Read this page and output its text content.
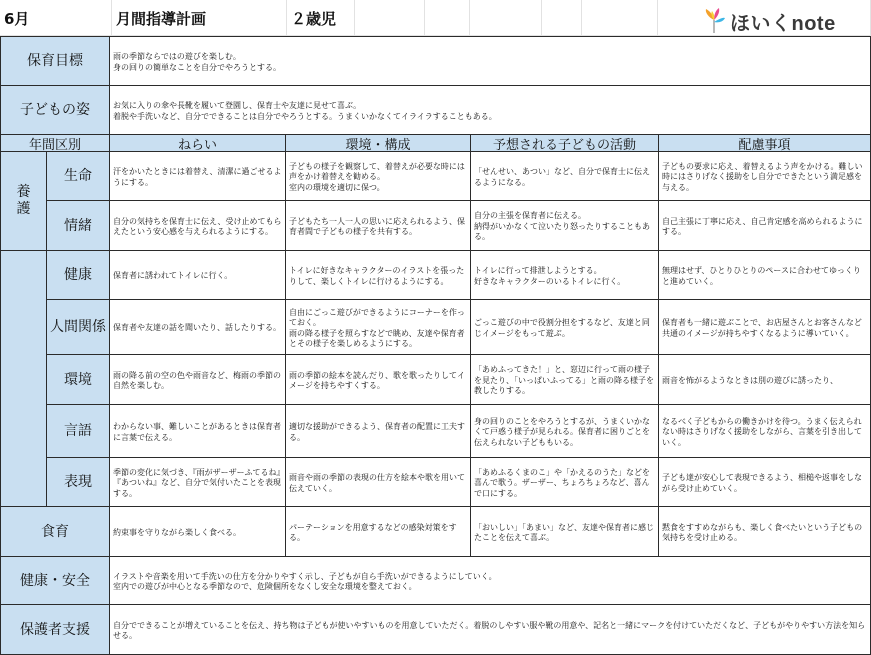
6月	月間指導計画	２歳児	ほいくnote
保育目標	雨の季節ならではの遊びを楽しむ。
身の回りの簡単なことを自分でやろうとする。
子どもの姿	お気に入りの傘や長靴を履いて登園し、保育士や友達に見せて喜ぶ。
着脱や手洗いなど、自分でできることは自分でやろうとする。うまくいかなくてイライラすることもある。
年間区別	ねらい	環境・構成	予想される子どもの活動	配慮事項
養護
生命	汗をかいたときには着替え、清潔に過ごせるようにする。
子どもの様子を観察して、着替えが必要な時には声をかけ着替えを勧める。
室内の環境を適切に保つ。
「せんせい、あつい」など、自分で保育士に伝えるようになる。
子どもの要求に応え、着替えるよう声をかける。難しい時にはさりげなく援助をし自分でできたという満足感を与える。
情緒	自分の気持ちを保育士に伝え、受け止めてもらえたという安心感を与えられるようにする。
子どもたち一人一人の思いに応えられるよう、保育者間で子どもの様子を共有する。
自分の主張を保育者に伝える。
納得がいかなくて泣いたり怒ったりすることもある。
自己主張に丁寧に応え、自己肯定感を高められるようにする。
健康	保育者に誘われてトイレに行く。
トイレに好きなキャラクターのイラストを張ったりして、楽しくトイレに行けるようにする。
トイレに行って排泄しようとする。
好きなキャラクターのいるトイレに行く。
無理はせず、ひとりひとりのペースに合わせてゆっくりと進めていく。
人間関係 保育者や友達の話を聞いたり、話したりする。
自由にごっこ遊びができるようにコーナーを作っておく。
雨の降る様子を照らすなどで眺め、友達や保育者とその様子を楽しめるようにする。
ごっこ遊びの中で役割分担をするなど、友達と同じイメージをもって遊ぶ。
保育者も一緒に遊ぶことで、お店屋さんとお客さんなど共通のイメージが持ちやすくなるように導いていく。
環境	雨の降る前の空の色や雨音など、梅雨の季節の自然を楽しむ。
雨の季節の絵本を読んだり、歌を歌ったりしてイメージを持ちやすくする。
「あめふってきた！」と、窓辺に行って雨の様子を見たり、「いっぱいふってる」と雨の降る様子を教したりする。
雨音を怖がるようなときは別の遊びに誘ったり、
言語	わからない事、難しいことがあるときは保育者に言葉で伝える。
適切な援助ができるよう、保育者の配置に工夫する。
身の回りのことをやろうとするが、うまくいかなくて戸惑う様子が見られる。保育者に困りごとを伝えられない子どももいる。
なるべく子どもからの働きかけを待つ。うまく伝えられない時はさりげなく援助をしながら、言葉を引き出していく。
表現
季節の変化に気づき、『雨がザーザーふてるね』『あついね』など、自分で気付いたことを表現する。
雨音や雨の季節の表現の仕方を絵本や歌を用いて伝えていく。
「あめふるくまのこ」や「かえるのうた」などを喜んで歌う。ザーザー、ちょろちょろなど、喜んで口にする。
子ども達が安心して表現できるよう、相槌や返事をしながら受け止めていく。
食育	約束事を守りながら楽しく食べる。
パーテーションを用意するなどの感染対策をする。
「おいしい」「あまい」など、友達や保育者に感じたことを伝えて喜ぶ。
黙食をすすめながらも、楽しく食べたいという子どもの気持ちを受け止める。
健康・安全	イラストや音楽を用いて手洗いの仕方を分かりやすく示し、子どもが自ら手洗いができるようにしていく。
室内での遊びが中心となる季節なので、危険個所をなくし安全な環境を整えておく。
保護者支援	自分でできることが増えていることを伝え、持ち物は子どもが使いやすいものを用意していただく。着脱のしやすい服や靴の用意や、記名と一緒にマークを付けていただくなど、子どもがやりやすい方法を知らせる。
